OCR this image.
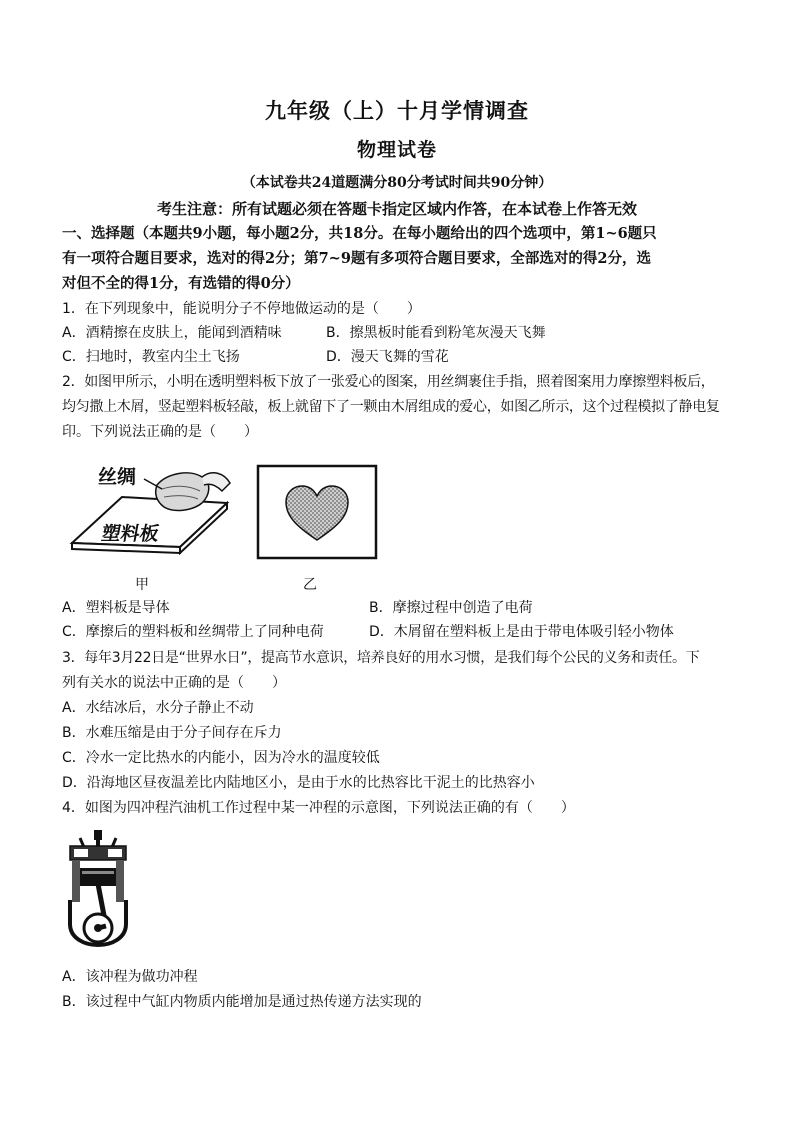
九年级（上）十月学情调查
物理试卷
（本试卷共24道题满分80分考试时间共90分钟）
考生注意：所有试题必须在答题卡指定区域内作答，在本试卷上作答无效
一、选择题（本题共9小题，每小题2分，共18分。在每小题给出的四个选项中，第1~6题只
有一项符合题目要求，选对的得2分；第7~9题有多项符合题目要求，全部选对的得2分，选
对但不全的得1分，有选错的得0分）
1．在下列现象中，能说明分子不停地做运动的是（　　）
A．酒精擦在皮肤上，能闻到酒精味	B．擦黑板时能看到粉笔灰漫天飞舞
C．扫地时，教室内尘土飞扬	D．漫天飞舞的雪花
2．如图甲所示，小明在透明塑料板下放了一张爱心的图案，用丝绸裹住手指，照着图案用力摩擦塑料板后，
均匀撒上木屑，竖起塑料板轻敲，板上就留下了一颗由木屑组成的爱心，如图乙所示，这个过程模拟了静电复
印。下列说法正确的是（　　）
丝绸
塑料板
甲	乙
A．塑料板是导体	B．摩擦过程中创造了电荷
C．摩擦后的塑料板和丝绸带上了同种电荷	D．木屑留在塑料板上是由于带电体吸引轻小物体
3．每年3月22日是“世界水日”，提高节水意识，培养良好的用水习惯，是我们每个公民的义务和责任。下
列有关水的说法中正确的是（　　）
A．水结冰后，水分子静止不动
B．水难压缩是由于分子间存在斥力
C．冷水一定比热水的内能小，因为冷水的温度较低
D．沿海地区昼夜温差比内陆地区小，是由于水的比热容比干泥土的比热容小
4．如图为四冲程汽油机工作过程中某一冲程的示意图，下列说法正确的有（　　）
A．该冲程为做功冲程
B．该过程中气缸内物质内能增加是通过热传递方法实现的
